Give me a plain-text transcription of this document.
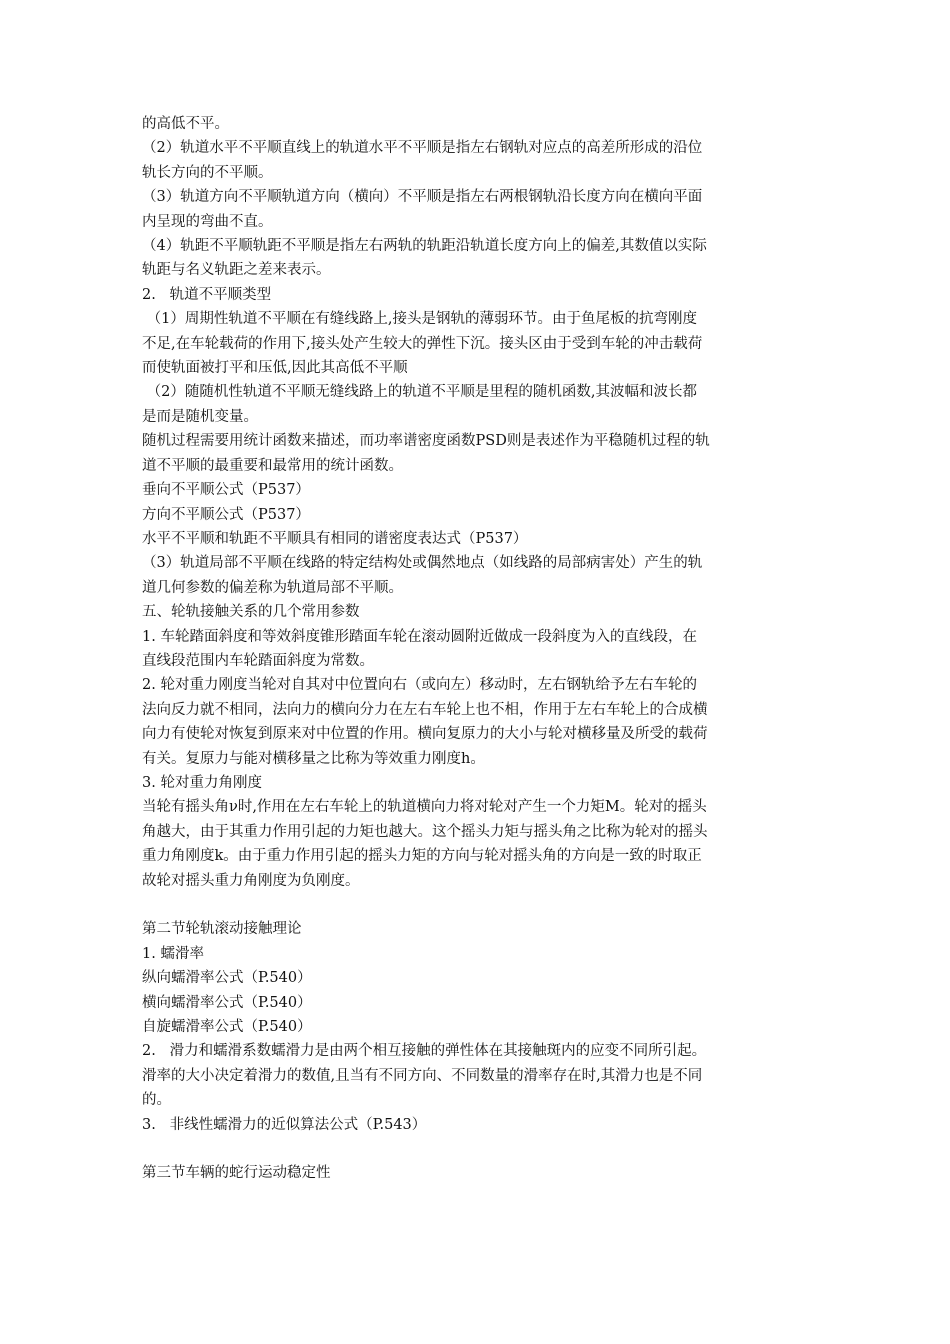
的高低不平。

（2）轨道水平不平顺直线上的轨道水平不平顺是指左右钢轨对应点的高差所形成的沿位

轨长方向的不平顺。

（3）轨道方向不平顺轨道方向（横向）不平顺是指左右两根钢轨沿长度方向在横向平面

内呈现的弯曲不直。

（4）轨距不平顺轨距不平顺是指左右两轨的轨距沿轨道长度方向上的偏差,其数值以实际

轨距与名义轨距之差来表示。

2.   轨道不平顺类型

（1）周期性轨道不平顺在有缝线路上,接头是钢轨的薄弱环节。由于鱼尾板的抗弯刚度

不足,在车轮载荷的作用下,接头处产生较大的弹性下沉。接头区由于受到车轮的冲击载荷

而使轨面被打平和压低,因此其高低不平顺

（2）随随机性轨道不平顺无缝线路上的轨道不平顺是里程的随机函数,其波幅和波长都

是而是随机变量。

随机过程需要用统计函数来描述，而功率谱密度函数PSD则是表述作为平稳随机过程的轨

道不平顺的最重要和最常用的统计函数。

垂向不平顺公式（P537）

方向不平顺公式（P537）

水平不平顺和轨距不平顺具有相同的谱密度表达式（P537）

（3）轨道局部不平顺在线路的特定结构处或偶然地点（如线路的局部病害处）产生的轨

道几何参数的偏差称为轨道局部不平顺。

五、轮轨接触关系的几个常用参数

1. 车轮踏面斜度和等效斜度锥形踏面车轮在滚动圆附近做成一段斜度为入的直线段，在

直线段范围内车轮踏面斜度为常数。

2. 轮对重力刚度当轮对自其对中位置向右（或向左）移动时，左右钢轨给予左右车轮的

法向反力就不相同，法向力的横向分力在左右车轮上也不相，作用于左右车轮上的合成横

向力有使轮对恢复到原来对中位置的作用。横向复原力的大小与轮对横移量及所受的载荷

有关。复原力与能对横移量之比称为等效重力刚度h。

3. 轮对重力角刚度

当轮有摇头角ν时,作用在左右车轮上的轨道横向力将对轮对产生一个力矩M。轮对的摇头

角越大，由于其重力作用引起的力矩也越大。这个摇头力矩与摇头角之比称为轮对的摇头

重力角刚度k。由于重力作用引起的摇头力矩的方向与轮对摇头角的方向是一致的时取正

故轮对摇头重力角刚度为负刚度。

第二节轮轨滚动接触理论

1. 蠕滑率

纵向蠕滑率公式（P.540）

横向蠕滑率公式（P.540）

自旋蠕滑率公式（P.540）

2.   滑力和蠕滑系数蠕滑力是由两个相互接触的弹性体在其接触斑内的应变不同所引起。

滑率的大小决定着滑力的数值,且当有不同方向、不同数量的滑率存在时,其滑力也是不同

的。

3.   非线性蠕滑力的近似算法公式（P.543）

第三节车辆的蛇行运动稳定性
